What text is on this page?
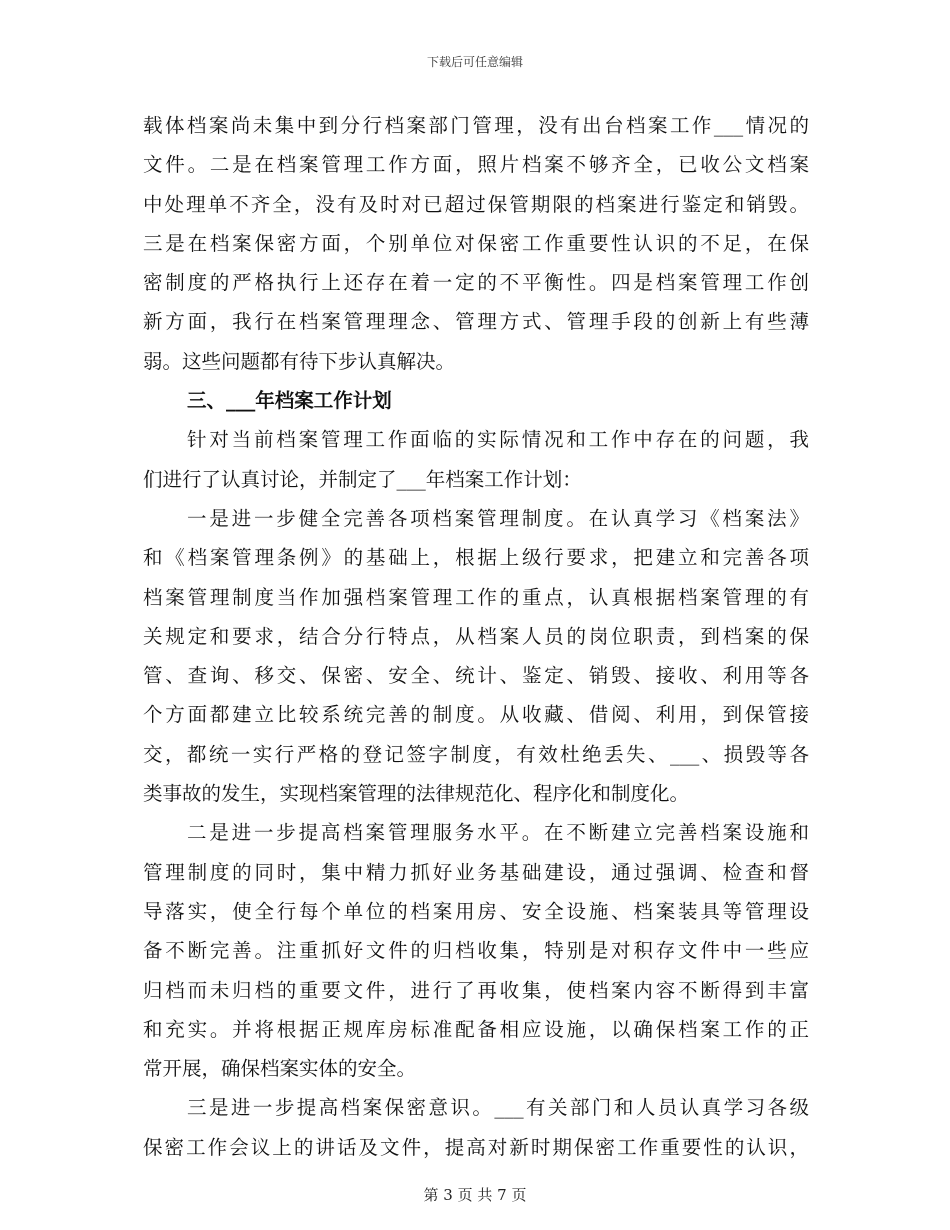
下载后可任意编辑
载体档案尚未集中到分行档案部门管理，没有出台档案工作___情况的
文件。二是在档案管理工作方面，照片档案不够齐全，已收公文档案
中处理单不齐全，没有及时对已超过保管期限的档案进行鉴定和销毁。
三是在档案保密方面，个别单位对保密工作重要性认识的不足，在保
密制度的严格执行上还存在着一定的不平衡性。四是档案管理工作创
新方面，我行在档案管理理念、管理方式、管理手段的创新上有些薄
弱。这些问题都有待下步认真解决。
三、___年档案工作计划
针对当前档案管理工作面临的实际情况和工作中存在的问题，我
们进行了认真讨论，并制定了___年档案工作计划：
一是进一步健全完善各项档案管理制度。在认真学习《档案法》
和《档案管理条例》的基础上，根据上级行要求，把建立和完善各项
档案管理制度当作加强档案管理工作的重点，认真根据档案管理的有
关规定和要求，结合分行特点，从档案人员的岗位职责，到档案的保
管、查询、移交、保密、安全、统计、鉴定、销毁、接收、利用等各
个方面都建立比较系统完善的制度。从收藏、借阅、利用，到保管接
交，都统一实行严格的登记签字制度，有效杜绝丢失、___、损毁等各
类事故的发生，实现档案管理的法律规范化、程序化和制度化。
二是进一步提高档案管理服务水平。在不断建立完善档案设施和
管理制度的同时，集中精力抓好业务基础建设，通过强调、检查和督
导落实，使全行每个单位的档案用房、安全设施、档案装具等管理设
备不断完善。注重抓好文件的归档收集，特别是对积存文件中一些应
归档而未归档的重要文件，进行了再收集，使档案内容不断得到丰富
和充实。并将根据正规库房标准配备相应设施，以确保档案工作的正
常开展，确保档案实体的安全。
三是进一步提高档案保密意识。___有关部门和人员认真学习各级
保密工作会议上的讲话及文件，提高对新时期保密工作重要性的认识，
第 3 页 共 7 页
